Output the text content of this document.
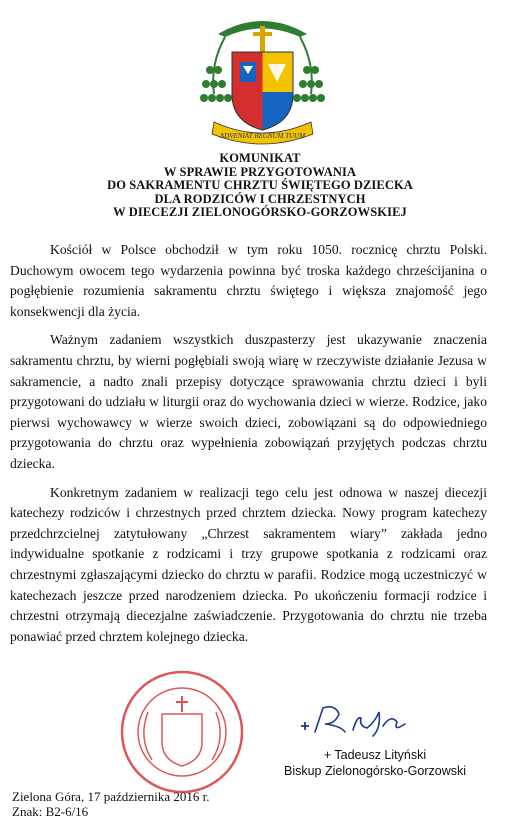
ADVENIAT REGNUM TUUM
KOMUNIKAT
W SPRAWIE PRZYGOTOWANIA
DO SAKRAMENTU CHRZTU ŚWIĘTEGO DZIECKA
DLA RODZICÓW I CHRZESTNYCH
W DIECEZJI ZIELONOGÓRSKO-GORZOWSKIEJ

Kościół w Polsce obchodził w tym roku 1050. rocznicę chrztu Polski. Duchowym owocem tego wydarzenia powinna być troska każdego chrześcijanina o pogłębienie rozumienia sakramentu chrztu świętego i większa znajomość jego konsekwencji dla życia.

Ważnym zadaniem wszystkich duszpasterzy jest ukazywanie znaczenia sakramentu chrztu, by wierni pogłębiali swoją wiarę w rzeczywiste działanie Jezusa w sakramencie, a nadto znali przepisy dotyczące sprawowania chrztu dzieci i byli przygotowani do udziału w liturgii oraz do wychowania dzieci w wierze. Rodzice, jako pierwsi wychowawcy w wierze swoich dzieci, zobowiązani są do odpowiedniego przygotowania do chrztu oraz wypełnienia zobowiązań przyjętych podczas chrztu dziecka.

Konkretnym zadaniem w realizacji tego celu jest odnowa w naszej diecezji katechezy rodziców i chrzestnych przed chrztem dziecka. Nowy program katechezy przedchrzcielnej zatytułowany „Chrzest sakramentem wiary” zakłada jedno indywidualne spotkanie z rodzicami i trzy grupowe spotkania z rodzicami oraz chrzestnymi zgłaszającymi dziecko do chrztu w parafii. Rodzice mogą uczestniczyć w katechezach jeszcze przed narodzeniem dziecka. Po ukończeniu formacji rodzice i chrzestni otrzymają diecezjalne zaświadczenie. Przygotowania do chrztu nie trzeba ponawiać przed chrztem kolejnego dziecka.

+ Tadeusz Lityński
Biskup Zielonogórsko-Gorzowski
Zielona Góra, 17 października 2016 r.
Znak: B2-6/16
